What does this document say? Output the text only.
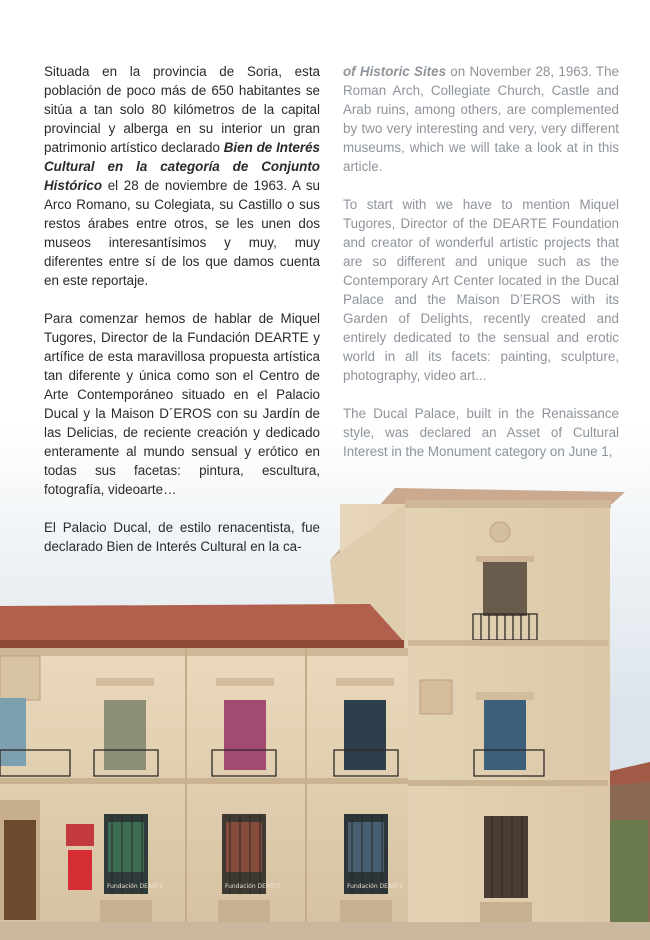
Situada en la provincia de Soria, esta población de poco más de 650 habitantes se sitúa a tan solo 80 kilómetros de la capital provincial y alberga en su interior un gran patrimonio artístico declarado Bien de Interés Cultural en la categoría de Conjunto Histórico el 28 de noviembre de 1963. A su Arco Romano, su Colegiata, su Castillo o sus restos árabes entre otros, se les unen dos museos interesantísimos y muy, muy diferentes entre sí de los que damos cuenta en este reportaje.

Para comenzar hemos de hablar de Miquel Tugores, Director de la Fundación DEARTE y artífice de esta maravillosa propuesta artística tan diferente y única como son el Centro de Arte Contemporáneo situado en el Palacio Ducal y la Maison D´EROS con su Jardín de las Delicias, de reciente creación y dedicado enteramente al mundo sensual y erótico en todas sus facetas: pintura, escultura, fotografía, videoarte…

El Palacio Ducal, de estilo renacentista, fue declarado Bien de Interés Cultural en la ca-

of Historic Sites on November 28, 1963. The Roman Arch, Collegiate Church, Castle and Arab ruins, among others, are complemented by two very interesting and very, very different museums, which we will take a look at in this article.

To start with we have to mention Miquel Tugores, Director of the DEARTE Foundation and creator of wonderful artistic projects that are so different and unique such as the Contemporary Art Center located in the Ducal Palace and the Maison D’EROS with its Garden of Delights, recently created and entirely dedicated to the sensual and erotic world in all its facets: painting, sculpture, photography, video art...

The Ducal Palace, built in the Renaissance style, was declared an Asset of Cultural Interest in the Monument category on June 1,

Fundación DEARTE	Fundación DEARTE	Fundación DEARTE
